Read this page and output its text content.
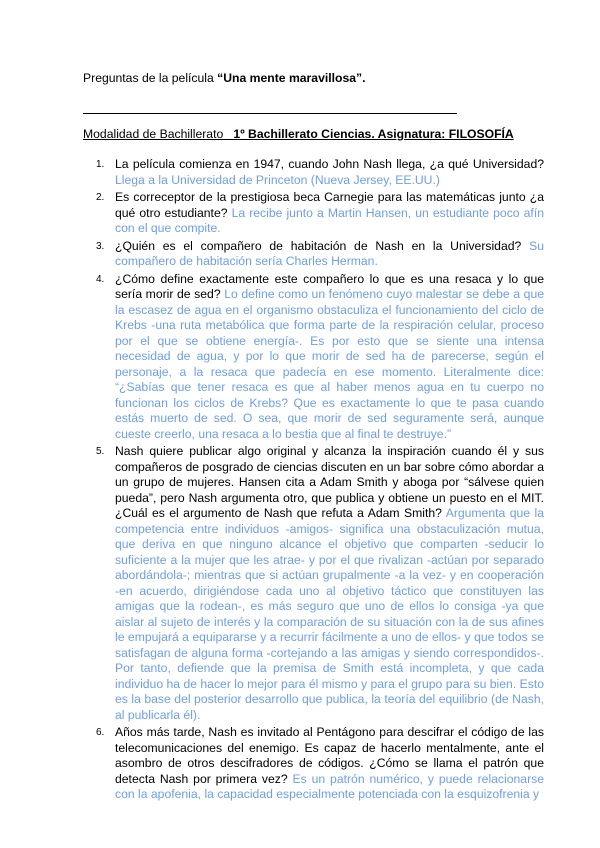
Preguntas de la película “Una mente maravillosa”.
Modalidad de Bachillerato 1º Bachillerato Ciencias. Asignatura: FILOSOFÍA
1. La película comienza en 1947, cuando John Nash llega, ¿a qué Universidad? Llega a la Universidad de Princeton (Nueva Jersey, EE.UU.)
2. Es correceptor de la prestigiosa beca Carnegie para las matemáticas junto ¿a qué otro estudiante? La recibe junto a Martin Hansen, un estudiante poco afín con el que compite.
3. ¿Quién es el compañero de habitación de Nash en la Universidad? Su compañero de habitación sería Charles Herman.
4. ¿Cómo define exactamente este compañero lo que es una resaca y lo que sería morir de sed? Lo define como un fenómeno cuyo malestar se debe a que la escasez de agua en el organismo obstaculiza el funcionamiento del ciclo de Krebs -una ruta metabólica que forma parte de la respiración celular, proceso por el que se obtiene energía-. Es por esto que se siente una intensa necesidad de agua, y por lo que morir de sed ha de parecerse, según el personaje, a la resaca que padecía en ese momento. Literalmente dice: “¿Sabías que tener resaca es que al haber menos agua en tu cuerpo no funcionan los ciclos de Krebs? Que es exactamente lo que te pasa cuando estás muerto de sed. O sea, que morir de sed seguramente será, aunque cueste creerlo, una resaca a lo bestia que al final te destruye.”
5. Nash quiere publicar algo original y alcanza la inspiración cuando él y sus compañeros de posgrado de ciencias discuten en un bar sobre cómo abordar a un grupo de mujeres. Hansen cita a Adam Smith y aboga por “sálvese quien pueda”, pero Nash argumenta otro, que publica y obtiene un puesto en el MIT. ¿Cuál es el argumento de Nash que refuta a Adam Smith? Argumenta que la competencia entre individuos -amigos- significa una obstaculización mutua, que deriva en que ninguno alcance el objetivo que comparten -seducir lo suficiente a la mujer que les atrae- y por el que rivalizan -actúan por separado abordándola-; mientras que si actúan grupalmente -a la vez- y en cooperación -en acuerdo, dirigiéndose cada uno al objetivo táctico que constituyen las amigas que la rodean-, es más seguro que uno de ellos lo consiga -ya que aislar al sujeto de interés y la comparación de su situación con la de sus afines le empujará a equipararse y a recurrir fácilmente a uno de ellos- y que todos se satisfagan de alguna forma -cortejando a las amigas y siendo correspondidos-. Por tanto, defiende que la premisa de Smith está incompleta, y que cada individuo ha de hacer lo mejor para él mismo y para el grupo para su bien. Esto es la base del posterior desarrollo que publica, la teoría del equilibrio (de Nash, al publicarla él).
6. Años más tarde, Nash es invitado al Pentágono para descifrar el código de las telecomunicaciones del enemigo. Es capaz de hacerlo mentalmente, ante el asombro de otros descifradores de códigos. ¿Cómo se llama el patrón que detecta Nash por primera vez? Es un patrón numérico, y puede relacionarse con la apofenia, la capacidad especialmente potenciada con la esquizofrenia y
